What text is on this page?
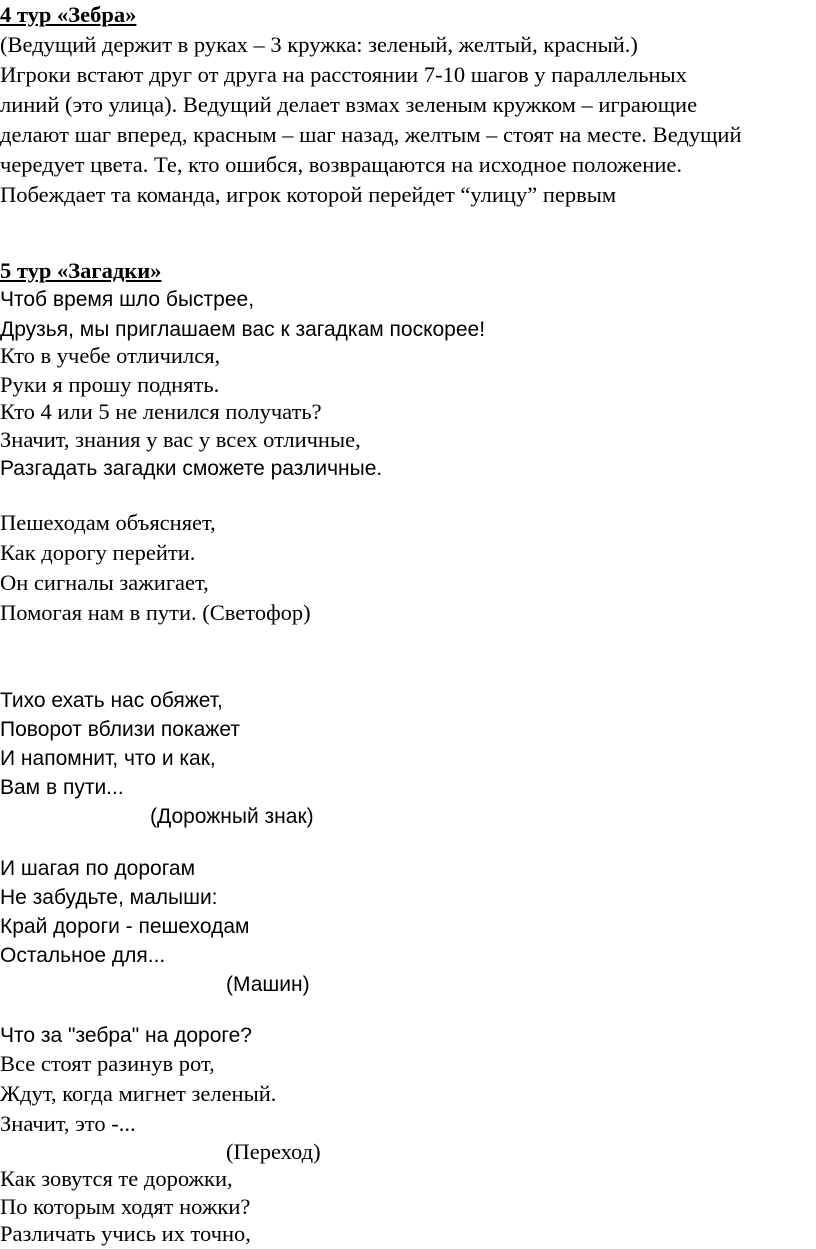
4 тур «Зебра»
(Ведущий держит в руках – 3 кружка: зеленый, желтый, красный.)
Игроки встают друг от друга на расстоянии 7-10 шагов у параллельных
линий (это улица). Ведущий делает взмах зеленым кружком – играющие
делают шаг вперед, красным – шаг назад, желтым – стоят на месте. Ведущий
чередует цвета. Те, кто ошибся, возвращаются на исходное положение.
Побеждает та команда, игрок которой перейдет “улицу” первым
5 тур «Загадки»
Чтоб время шло быстрее,
Друзья, мы приглашаем вас к загадкам поскорее!
Кто в учебе отличился,
Руки я прошу поднять.
Кто 4 или 5 не ленился получать?
Значит, знания у вас у всех отличные,
Разгадать загадки сможете различные.
Пешеходам объясняет,
Как дорогу перейти.
Он сигналы зажигает,
Помогая нам в пути. (Светофор)
Тихо ехать нас обяжет,
Поворот вблизи покажет
И напомнит, что и как,
Вам в пути...
(Дорожный знак)
И шагая по дорогам
Не забудьте, малыши:
Край дороги - пешеходам
Остальное для...
(Машин)
Что за "зебра" на дороге?
Все стоят разинув рот,
Ждут, когда мигнет зеленый.
Значит, это -...
(Переход)
Как зовутся те дорожки,
По которым ходят ножки?
Различать учись их точно,
